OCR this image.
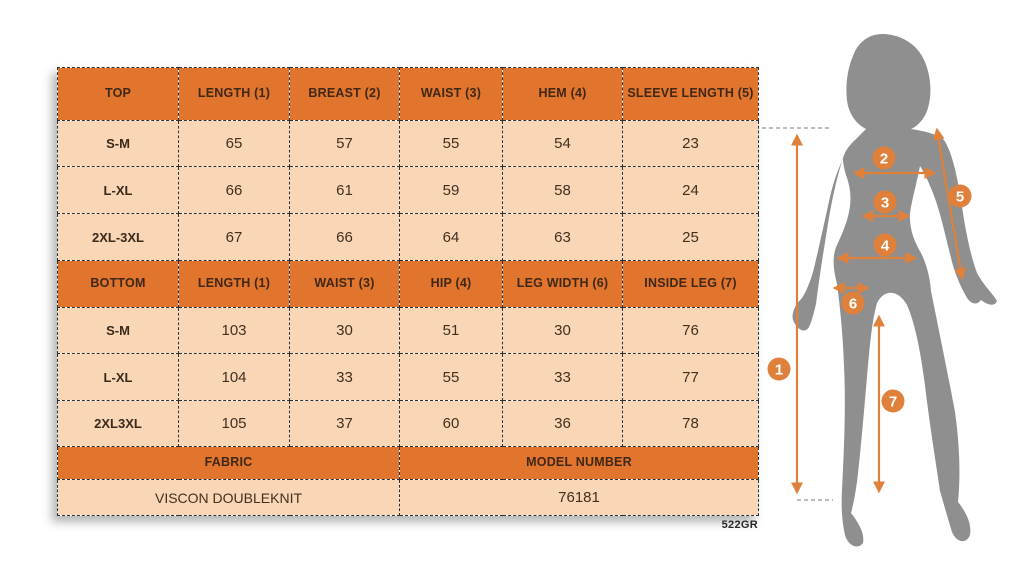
TOP	LENGTH (1)	BREAST (2)	WAIST (3)	HEM (4)	SLEEVE LENGTH (5)
S-M	65	57	55	54	23
L-XL	66	61	59	58	24
2XL-3XL	67	66	64	63	25
BOTTOM	LENGTH (1)	WAIST (3)	HIP (4)	LEG WIDTH (6)	INSIDE LEG (7)
S-M	103	30	51	30	76
L-XL	104	33	55	33	77
2XL3XL	105	37	60	36	78
FABRIC			MODEL NUMBER		
VISCON DOUBLEKNIT			76181		
522GR
1
2
3
4
5
6
7
